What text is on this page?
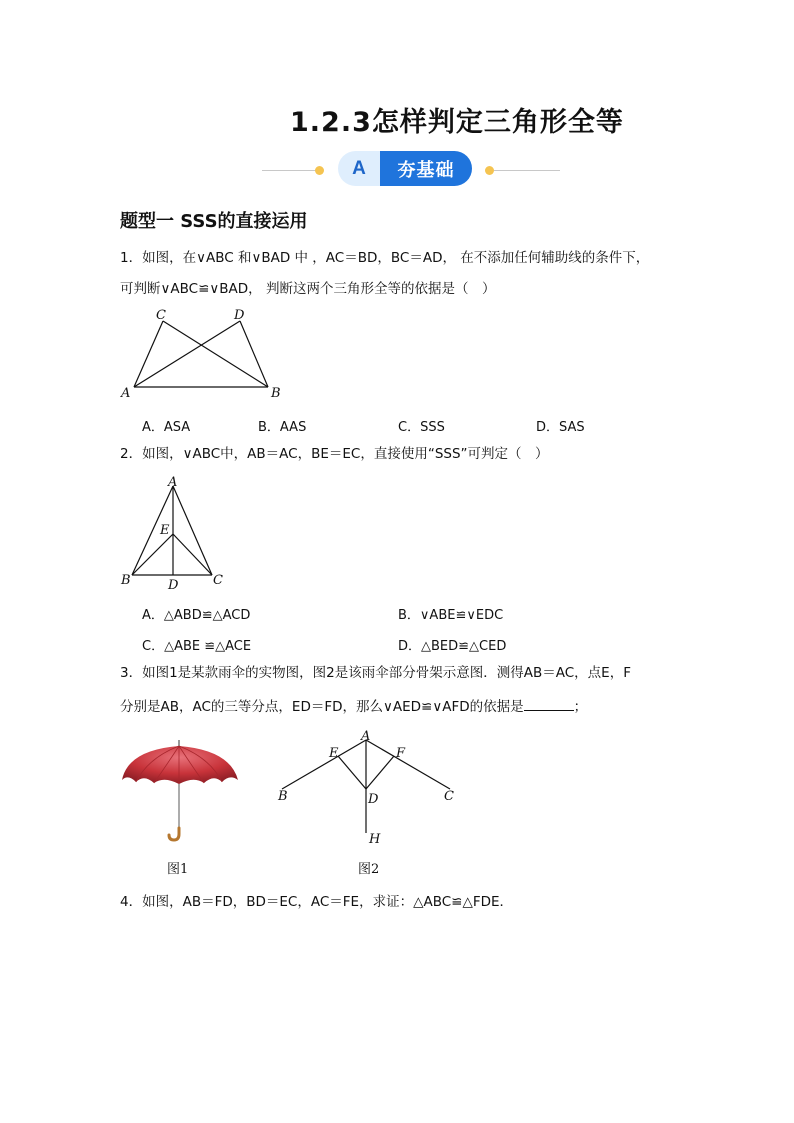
1.2.3怎样判定三角形全等
A	夯基础
题型一 SSS的直接运用
1．如图，在∨ABC 和∨BAD 中 ，AC＝BD，BC＝AD， 在不添加任何辅助线的条件下，
可判断∨ABC≌∨BAD， 判断这两个三角形全等的依据是（　）
C	D
A	B
A．ASA	B．AAS	C．SSS	D．SAS
2．如图，∨ABC中，AB＝AC，BE＝EC，直接使用“SSS”可判定（　）
A
E
B	D	C
A．△ABD≌△ACD	B．∨ABE≌∨EDC
C．△ABE ≌△ACE	D．△BED≌△CED
3．如图1是某款雨伞的实物图，图2是该雨伞部分骨架示意图．测得AB＝AC，点E，F
分别是AB，AC的三等分点，ED＝FD，那么∨AED≌∨AFD的依据是	；
图1
A
E	F
B	C
D
H
图2
4．如图，AB＝FD，BD＝EC，AC＝FE，求证：△ABC≌△FDE．
